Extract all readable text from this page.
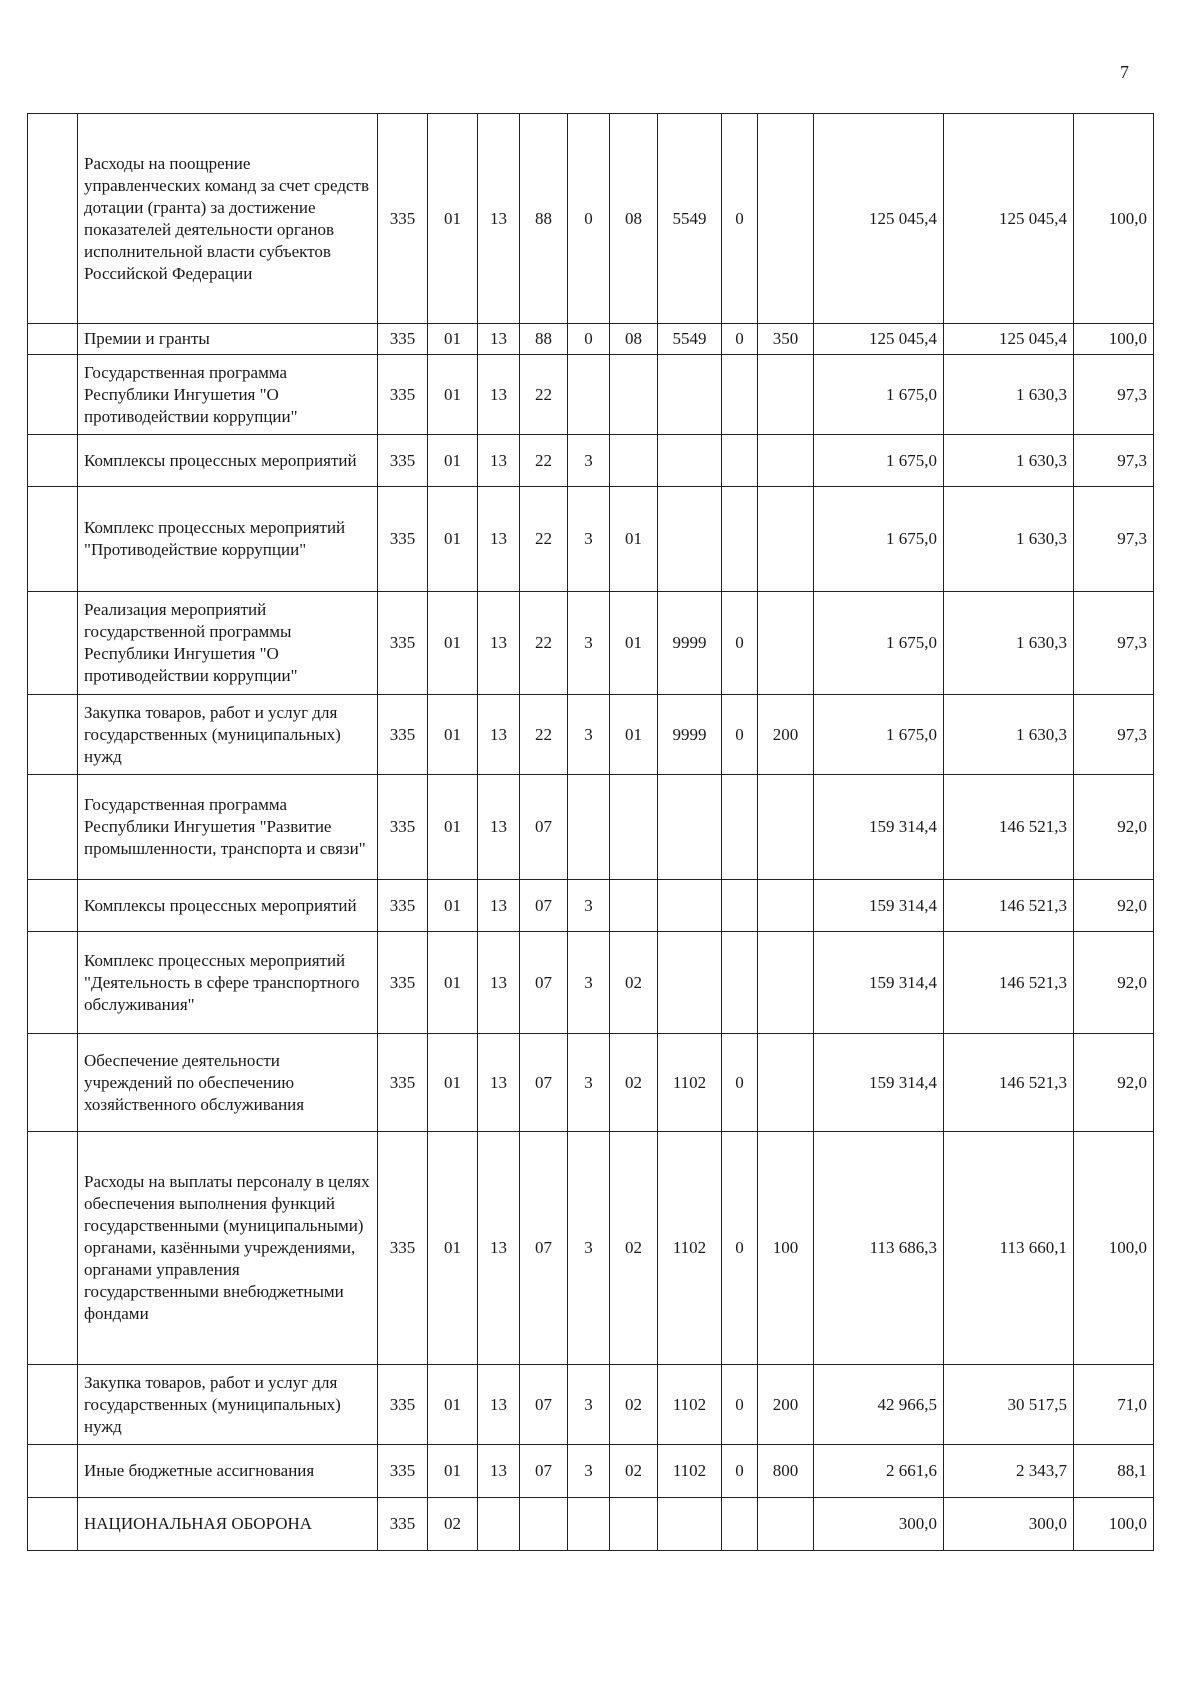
7
	Расходы на поощрение управленческих команд за счет средств дотации (гранта) за достижение показателей деятельности органов исполнительной власти субъектов Российской Федерации	335	01	13	88	0	08	5549	0		125 045,4	125 045,4	100,0
	Премии и гранты	335	01	13	88	0	08	5549	0	350	125 045,4	125 045,4	100,0
	Государственная программа Республики Ингушетия "О противодействии коррупции"	335	01	13	22						1 675,0	1 630,3	97,3
	Комплексы процессных мероприятий	335	01	13	22	3					1 675,0	1 630,3	97,3
	Комплекс процессных мероприятий "Противодействие коррупции"	335	01	13	22	3	01				1 675,0	1 630,3	97,3
	Реализация мероприятий государственной программы Республики Ингушетия "О противодействии коррупции"	335	01	13	22	3	01	9999	0		1 675,0	1 630,3	97,3
	Закупка товаров, работ и услуг для государственных (муниципальных) нужд	335	01	13	22	3	01	9999	0	200	1 675,0	1 630,3	97,3
	Государственная программа Республики Ингушетия "Развитие промышленности, транспорта и связи"	335	01	13	07						159 314,4	146 521,3	92,0
	Комплексы процессных мероприятий	335	01	13	07	3					159 314,4	146 521,3	92,0
	Комплекс процессных мероприятий "Деятельность в сфере транспортного обслуживания"	335	01	13	07	3	02				159 314,4	146 521,3	92,0
	Обеспечение деятельности учреждений по обеспечению хозяйственного обслуживания	335	01	13	07	3	02	1102	0		159 314,4	146 521,3	92,0
	Расходы на выплаты персоналу в целях обеспечения выполнения функций государственными (муниципальными) органами, казёнными учреждениями, органами управления государственными внебюджетными фондами	335	01	13	07	3	02	1102	0	100	113 686,3	113 660,1	100,0
	Закупка товаров, работ и услуг для государственных (муниципальных) нужд	335	01	13	07	3	02	1102	0	200	42 966,5	30 517,5	71,0
	Иные бюджетные ассигнования	335	01	13	07	3	02	1102	0	800	2 661,6	2 343,7	88,1
	НАЦИОНАЛЬНАЯ ОБОРОНА	335	02								300,0	300,0	100,0
